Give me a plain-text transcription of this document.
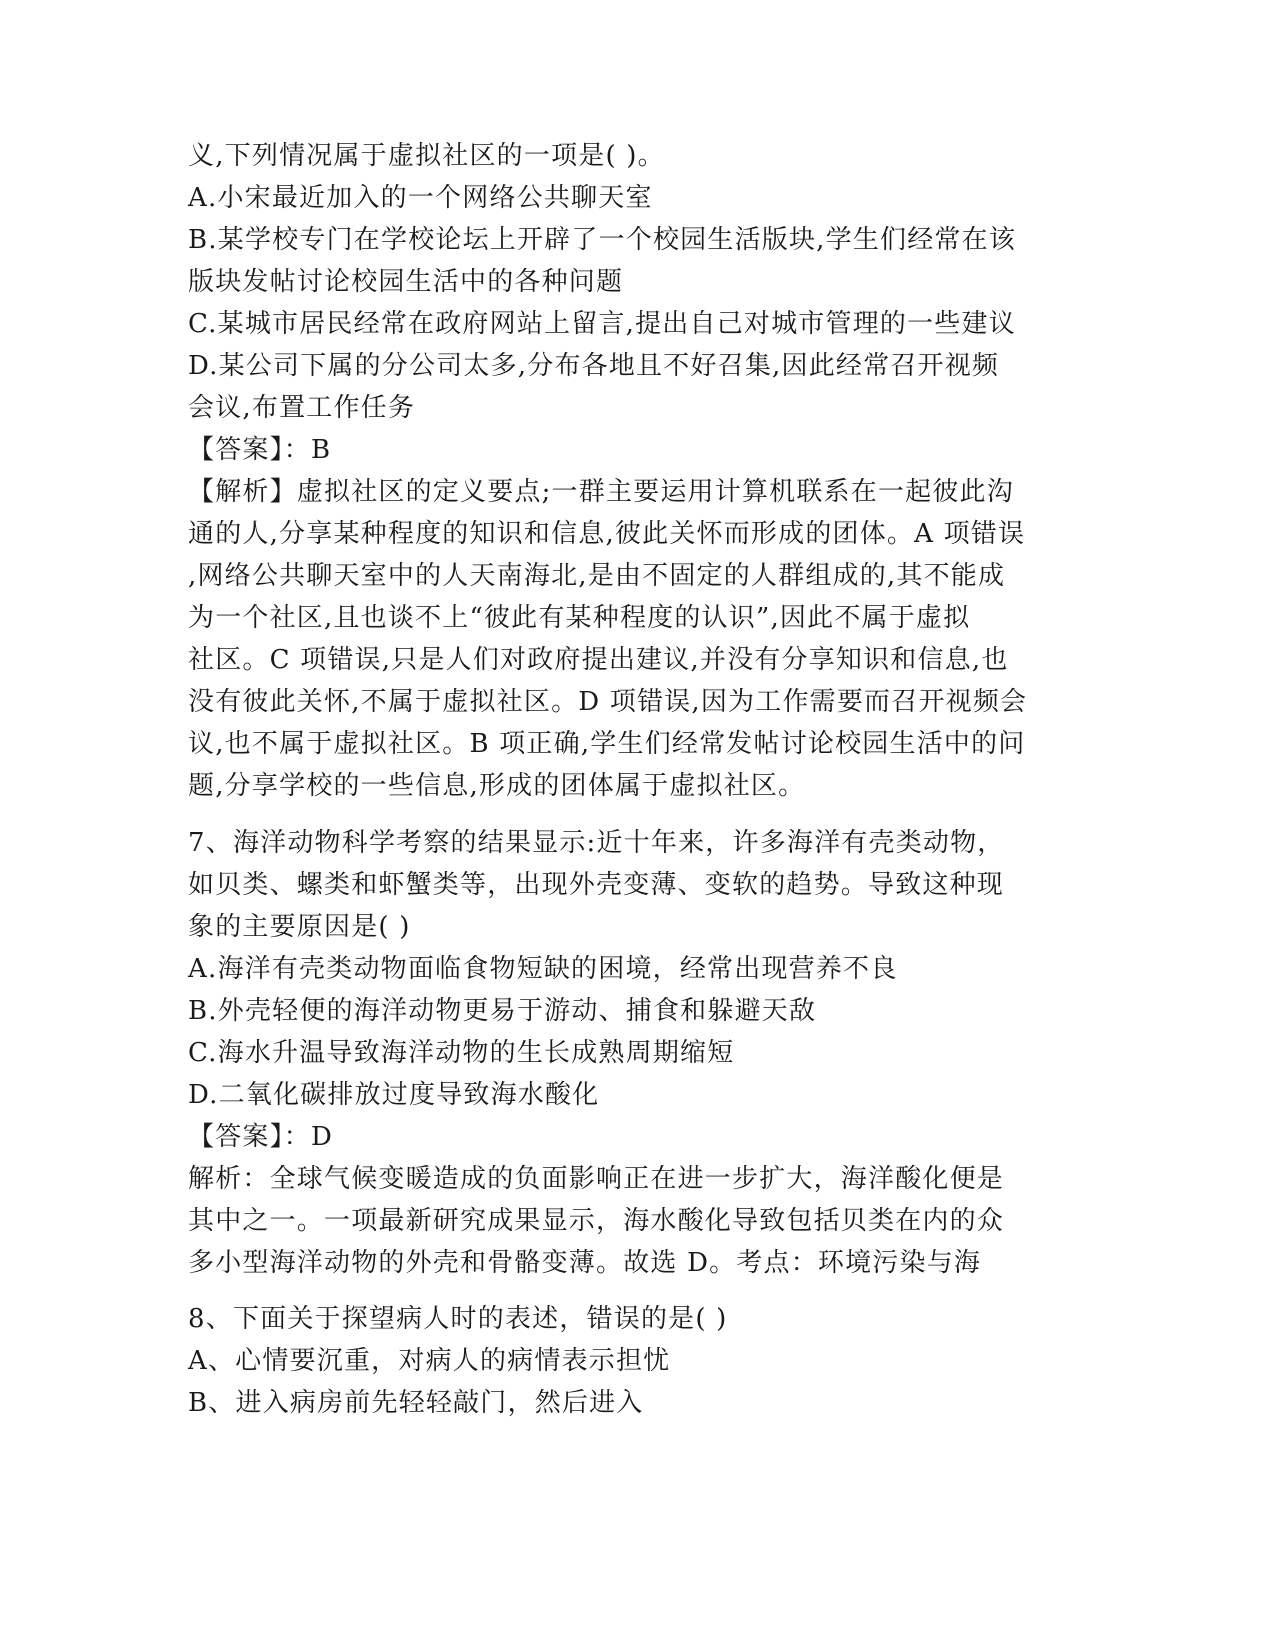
义,下列情况属于虚拟社区的一项是( )。
A.小宋最近加入的一个网络公共聊天室
B.某学校专门在学校论坛上开辟了一个校园生活版块,学生们经常在该
版块发帖讨论校园生活中的各种问题
C.某城市居民经常在政府网站上留言,提出自己对城市管理的一些建议
D.某公司下属的分公司太多,分布各地且不好召集,因此经常召开视频
会议,布置工作任务
【答案】：B
【解析】虚拟社区的定义要点;一群主要运用计算机联系在一起彼此沟
通的人,分享某种程度的知识和信息,彼此关怀而形成的团体。A 项错误
,网络公共聊天室中的人天南海北,是由不固定的人群组成的,其不能成
为一个社区,且也谈不上“彼此有某种程度的认识”,因此不属于虚拟
社区。C 项错误,只是人们对政府提出建议,并没有分享知识和信息,也
没有彼此关怀,不属于虚拟社区。D 项错误,因为工作需要而召开视频会
议,也不属于虚拟社区。B 项正确,学生们经常发帖讨论校园生活中的问
题,分享学校的一些信息,形成的团体属于虚拟社区。
7、海洋动物科学考察的结果显示:近十年来，许多海洋有壳类动物，
如贝类、螺类和虾蟹类等，出现外壳变薄、变软的趋势。导致这种现
象的主要原因是( )
A.海洋有壳类动物面临食物短缺的困境，经常出现营养不良
B.外壳轻便的海洋动物更易于游动、捕食和躲避天敌
C.海水升温导致海洋动物的生长成熟周期缩短
D.二氧化碳排放过度导致海水酸化
【答案】：D
解析：全球气候变暖造成的负面影响正在进一步扩大，海洋酸化便是
其中之一。一项最新研究成果显示，海水酸化导致包括贝类在内的众
多小型海洋动物的外壳和骨骼变薄。故选 D。考点：环境污染与海
8、下面关于探望病人时的表述，错误的是( )
A、心情要沉重，对病人的病情表示担忧
B、进入病房前先轻轻敲门，然后进入
